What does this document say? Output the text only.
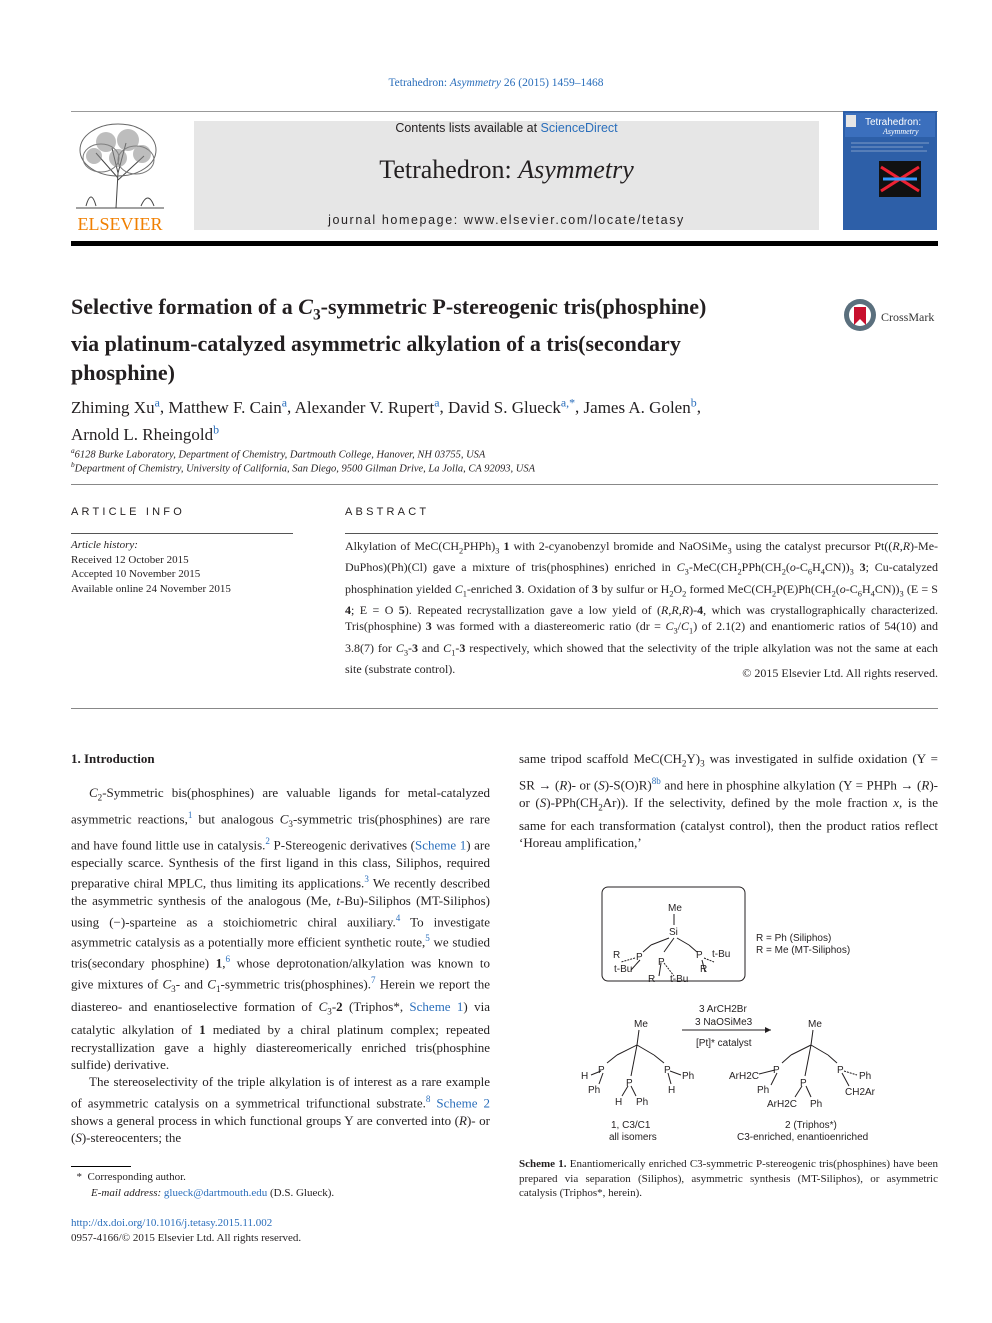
Tetrahedron: Asymmetry 26 (2015) 1459–1468
ELSEVIER
Contents lists available at ScienceDirect
Tetrahedron: Asymmetry
journal homepage: www.elsevier.com/locate/tetasy
Tetrahedron:
Asymmetry
Selective formation of a $C_3$-symmetric P-stereogenic tris(phosphine)
via platinum-catalyzed asymmetric alkylation of a tris(secondary
phosphine)
CrossMark
Zhiming Xu$^a$, Matthew F. Cain$^a$, Alexander V. Rupert$^a$, David S. Glueck$^{a,*}$, James A. Golen$^b$,
Arnold L. Rheingold$^b$
$^a$6128 Burke Laboratory, Department of Chemistry, Dartmouth College, Hanover, NH 03755, USA
$^b$Department of Chemistry, University of California, San Diego, 9500 Gilman Drive, La Jolla, CA 92093, USA
ARTICLE INFO
Article history:
Received 12 October 2015
Accepted 10 November 2015
Available online 24 November 2015
ABSTRACT
Alkylation of $MeC(CH_2PHPh)_3$ 1 with 2-cyanobenzyl bromide and NaOSiMe$_3$ using the catalyst precursor Pt((R,R)-Me-DuPhos)(Ph)(Cl) gave a mixture of tris(phosphines) enriched in $C_3-MeC(CH_2PPh(CH_2(o-C_6H_4CN))_3$ 3; Cu-catalyzed phosphination yielded $C_1$-enriched 3. Oxidation of 3 by sulfur or $H_2O_2$ formed $MeC(CH_2P(E)Ph(CH_2(o-C_6H_4CN))_3$ (E = S 4; E = O 5). Repeated recrystallization gave a low yield of (R,R,R)-4, which was crystallographically characterized. Tris(phosphine) 3 was formed with a diastereomeric ratio $(dr = C_3/C_1)$ of 2.1(2) and enantiomeric ratios of 54(10) and 3.8(7) for $C_3-3$ and $C_1-3$ respectively, which showed that the selectivity of the triple alkylation was not the same at each site (substrate control).	© 2015 Elsevier Ltd. All rights reserved.
1. Introduction

$C_2$-Symmetric bis(phosphines) are valuable ligands for metal-catalyzed asymmetric reactions,$^1$ but analogous $C_3$-symmetric tris(phosphines) are rare and have found little use in catalysis.$^2$ P-Stereogenic derivatives (Scheme 1) are especially scarce. Synthesis of the first ligand in this class, Siliphos, required preparative chiral MPLC, thus limiting its applications.$^3$ We recently described the asymmetric synthesis of the analogous (Me, t-Bu)-Siliphos (MT-Siliphos) using (−)-sparteine as a stoichiometric chiral auxiliary.$^4$ To investigate asymmetric catalysis as a potentially more efficient synthetic route,$^5$ we studied tris(secondary phosphine) 1,$^6$ whose deprotonation/alkylation was known to give mixtures of $C_3-$ and $C_1$-symmetric tris(phosphines).$^7$ Herein we report the diastereo- and enantioselective formation of $C_3-2$ (Triphos*, Scheme 1) via catalytic alkylation of 1 mediated by a chiral platinum complex; repeated recrystallization gave a highly diastereomerically enriched tris(phosphine sulfide) derivative.

The stereoselectivity of the triple alkylation is of interest as a rare example of asymmetric catalysis on a symmetrical trifunctional substrate.$^8$ Scheme 2 shows a general process in which functional groups Y are converted into (R)- or (S)-stereocenters; the

same tripod scaffold $MeC(CH_2Y)_3$ was investigated in sulfide oxidation (Y = SR → (R)- or (S)-S(O)R)$^{8b}$ and here in phosphine alkylation (Y = PHPh → (R)- or $(S)-PPh(CH_2Ar)$). If the selectivity, defined by the mole fraction x, is the same for each transformation (catalyst control), then the product ratios reflect ‘Horeau amplification,’
Me
Si
P P
P
R
t-Bu
R t-Bu
t-Bu
R
R = Ph (Siliphos)
R = Me (MT-Siliphos)
3 ArCH2Br
3 NaOSiMe3
[Pt]* catalyst
Me
P	P
P
H
Ph
Ph
H
H Ph
1, C3/C1
all isomers
Me
P	P
P
ArH2C
Ph
Ph
CH2Ar
ArH2C Ph
2 (Triphos*)
C3-enriched, enantioenriched
Scheme 1. Enantiomerically enriched C3-symmetric P-stereogenic tris(phosphines) have been prepared via separation (Siliphos), asymmetric synthesis (MT-Siliphos), or asymmetric catalysis (Triphos*, herein).
* Corresponding author.
E-mail address: glueck@dartmouth.edu (D.S. Glueck).
http://dx.doi.org/10.1016/j.tetasy.2015.11.002
0957-4166/© 2015 Elsevier Ltd. All rights reserved.
